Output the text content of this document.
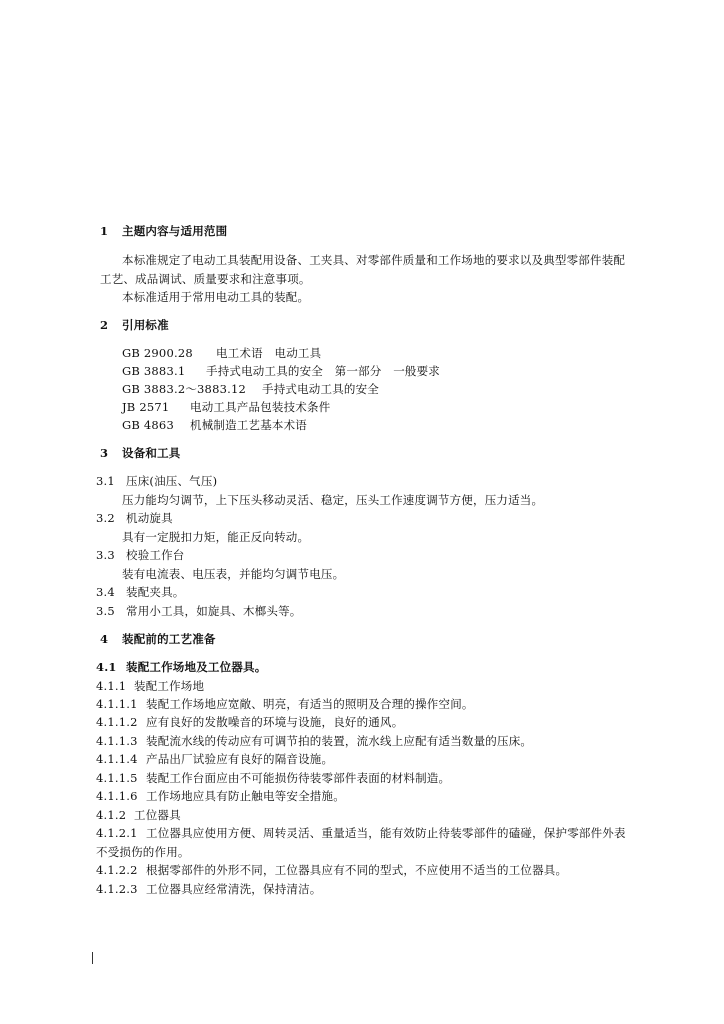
1 主题内容与适用范围
本标准规定了电动工具装配用设备、工夹具、对零部件质量和工作场地的要求以及典型零部件装配
工艺、成品调试、质量要求和注意事项。
本标准适用于常用电动工具的装配。
2 引用标准
GB 2900.28 电工术语　电动工具
GB 3883.1 手持式电动工具的安全　第一部分　一般要求
GB 3883.2～3883.12 手持式电动工具的安全
JB 2571 电动工具产品包装技术条件
GB 4863 机械制造工艺基本术语
3 设备和工具
3.1 压床(油压、气压)
压力能均匀调节，上下压头移动灵活、稳定，压头工作速度调节方便，压力适当。
3.2 机动旋具
具有一定脱扣力矩，能正反向转动。
3.3 校验工作台
装有电流表、电压表，并能均匀调节电压。
3.4 装配夹具。
3.5 常用小工具，如旋具、木榔头等。
4 装配前的工艺准备
4.1 装配工作场地及工位器具。
4.1.1 装配工作场地
4.1.1.1 装配工作场地应宽敞、明亮，有适当的照明及合理的操作空间。
4.1.1.2 应有良好的发散噪音的环境与设施，良好的通风。
4.1.1.3 装配流水线的传动应有可调节拍的装置，流水线上应配有适当数量的压床。
4.1.1.4 产品出厂试验应有良好的隔音设施。
4.1.1.5 装配工作台面应由不可能损伤待装零部件表面的材料制造。
4.1.1.6 工作场地应具有防止触电等安全措施。
4.1.2 工位器具
4.1.2.1 工位器具应使用方便、周转灵活、重量适当，能有效防止待装零部件的磕碰，保护零部件外表
不受损伤的作用。
4.1.2.2 根据零部件的外形不同，工位器具应有不同的型式，不应使用不适当的工位器具。
4.1.2.3 工位器具应经常清洗，保持清洁。
